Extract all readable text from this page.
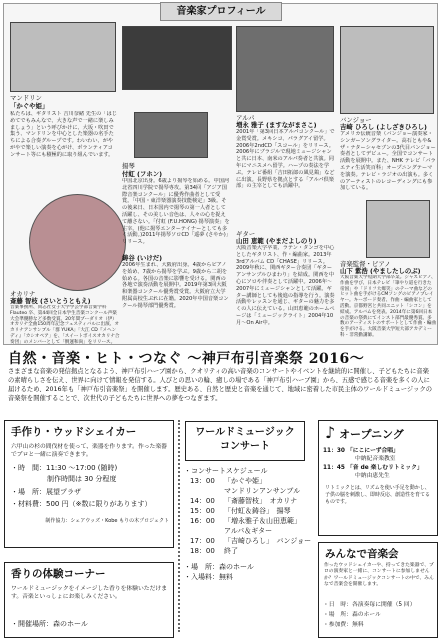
マンドリン
「かぐや姫」
私たちは、ギタリスト 吉川奈緒 先生の「はじめてでもみんなで、大きな声で一緒に楽しみましょう」という呼びかけに、大坂・吹田で集う、マンドリンを中心とした楽器の名手たちによる合奏グループです。わいわい、がやがやで楽しい演奏を心がけ、ボランティアコンサート等にも積極的に取り組んでいます。
オカリナ
斎藤 智枝 (さいとうともえ)
音楽事務所、同志社女子大学学芸学部音楽学科Flauteo 卒、第44回全日本学生音楽コンクール声楽大会準優勝など多数受賞。20年間プーダリオ（伊）オカリナ全曲150周年記念フェスティバルに出演、オカリナアンサンブル「群 YUKA」「大江 CD『メヘンディ』「カシオペア」を、「スイートボイスオカリナ合奏団」のメンバーとして「倒運和尚」をリリース。
揚琴
付虹 (フホン)
中国北京出身。6歳より揚琴を始める。中国河北省四川学院で揚琴専攻。第34回「アジア国際音楽コンクール」に優秀作曲者として受賞。「中国・東洋楽器演奏技能検定」3級。その後来日、日本国内で揚琴の第一人者として活躍し、その美しい音色は、人々の心を捉えて離さない。「付虹 (F.U.HONG) 揚琴演奏」を主宰。(他に揚琴エンターテイナーとしても多く活動。)2011年揚琴ソロCD「遥夢 (さやか)」リリース。
鋳谷 (いけだ)
2006年生まれ、大阪府出身。4歳からピアノを始め、7歳から揚琴を学ぶ。9歳から二胡を始める。各国の音楽に影響を受ける。関西の各地で演奏活動を展開中。2019年第3回大阪和楽器コンクール優秀賞受賞。大阪府立大学附属高校生ぶれに在籍。2020年中国音楽コンクール揚琴部門優秀賞。
アルパ
増永 雅子 (ますながまさこ)
2001年「第3回日本アルパコンクール」で金賞受賞。メキシコ、パラグアイ留学。2006年2ndCD「スコール」をリリース。2006年にブラジルで現地ミュージシャンと共に日本、南米のアルパ奏者と共演。同年にマニスメへ留学。ハープの奏法を学ぶ。テレビ番組「吉田拓郎の風見鶏」などに出演。長野県を拠点とする「アルパ倶楽部」の主宰としても活躍中。
ギター
山田 恵範 (やまだよしのり)
大阪音楽大学卒業、ラテン・タンゴを中心としたギタリスト、作・編曲家。2013年 3rdアルバム CD「CHASE」リリース。2009年秋に、関西ギター合奏団「ギターアンサンブルひまわり」を結成。関西を中心にソロや伴奏として活躍中。2006年～2007年にミュージシャンとして活躍。ギター講師としても後進の指導を行う。演奏活動やレッスンを通じ、ギターの魅力を多くの人に伝えている。山田恵範のホームページは「ミュージックライト」2004年10月～On Air中。
バンジョー
吉崎 ひろし (よしざきひろし)
アメリカ伝統音楽（バンジョー演奏家・シンガーソングライター。高石ともや&ザ・ナターシャセブンの3代目バンジョー奏者としてデビュー。全国でコンサート活動を展開中。また、NHK テレビ「バラエティ生活笑百科」オープニングテーマを演奏。テレビ・ラジオの出演も。多くのアーティストのレコーディングにも参加している。
音楽監督・ピアノ
山下 紫浩 (やましたしのぶ)
大阪音楽大学短期大学部卒業。ジャズピアノ、作曲を学び、日本テレビ「筆やり道を行きた帝国」や「ドリフ大爆笑」のテーマ曲などのヒット曲を手がけるCMソングのピアノプレイヤー。キーボード奏者、作曲・編曲家として活動。京都野宮と共同ユニット「シコン」を結成。アルバムを発表。2014年に第6回日本の音楽の祭典にてインスト部門最優秀賞。多数のアーティストのサポートとして作曲・編曲を手がける。大阪音楽大学短大部アカデミー科・非常勤講師。
音楽家プロフィール
自然・音楽・ヒト・つなぐ ～神戸布引音楽祭 2016～
さまざまな音楽の発信拠点となるよう、神戸布引ハーブ園から、クオリティの高い音楽のコンサートやイベントを継続的に開催し、子どもたちに音楽の素晴らしさを伝え、世界に向けて情報を発信する。人びとの思いの輪、癒しの場である「神戸布引ハーブ園」から、五感で感じる音楽を多くの人に届けるため、2016年も「神戸布引音楽祭」を開催します。歴史ある、自然と歴史と音楽を通じて、地域に密着した市民主体のワールドミュージックの音楽祭を開催することで、次世代の子どもたちに世界への夢をつなぎます。
手作り・ウッドシェイカー
六甲山の杉の間伐材を使って、楽器を作ります。作った楽器でプロと一緒に演奏できます。
・時　間：11:30 ～17:00 (随時)
制作時間は 30 分程度
・場　所：展望プラザ
・材料費：500 円（※数に限りがあります）
制作協力：シェアウッズ・Kobe もりの木プロジェクト
香りの体験コーナー
ワールドミュージックをイメージした香りを体験いただけます。音楽といっしょにお楽しみください。
・開催場所：森のホール
ワールドミュージック
コンサート
・コンサートスケジュール
13：00 「かぐや姫」
マンドリンアンサンブル
14：00 「斎藤智枝」　オカリナ
15：00 「付虹＆鋳谷」　揚琴
16：00 「増永雅子＆山田恵範」
アルパ＆ギター
17：00 「吉崎ひろし」　バンジョー
18：00 終了
・場　所：森のホール
・入場料：無料
♪ オープニング
11：30 「にこにーず合唱」
中納紀音楽教室
11：45 「音 de 楽しむリトミック」
中納由恵先生
リトミックとは、リズムを使い手足を動かし、子供の脳を刺激し、即時反応、創造性を育てるものです。
みんなで音楽会
作ったウッドシェイカーや、持ってきた楽器で、プロの演奏家と一緒に、コンサートに参加しませんか？ワールドミュージックコンサートの中で、みんなで音楽会を開催します。
・日　時：各演奏毎に開催（5 回）
・場　所：森のホール
・参加費：無料
